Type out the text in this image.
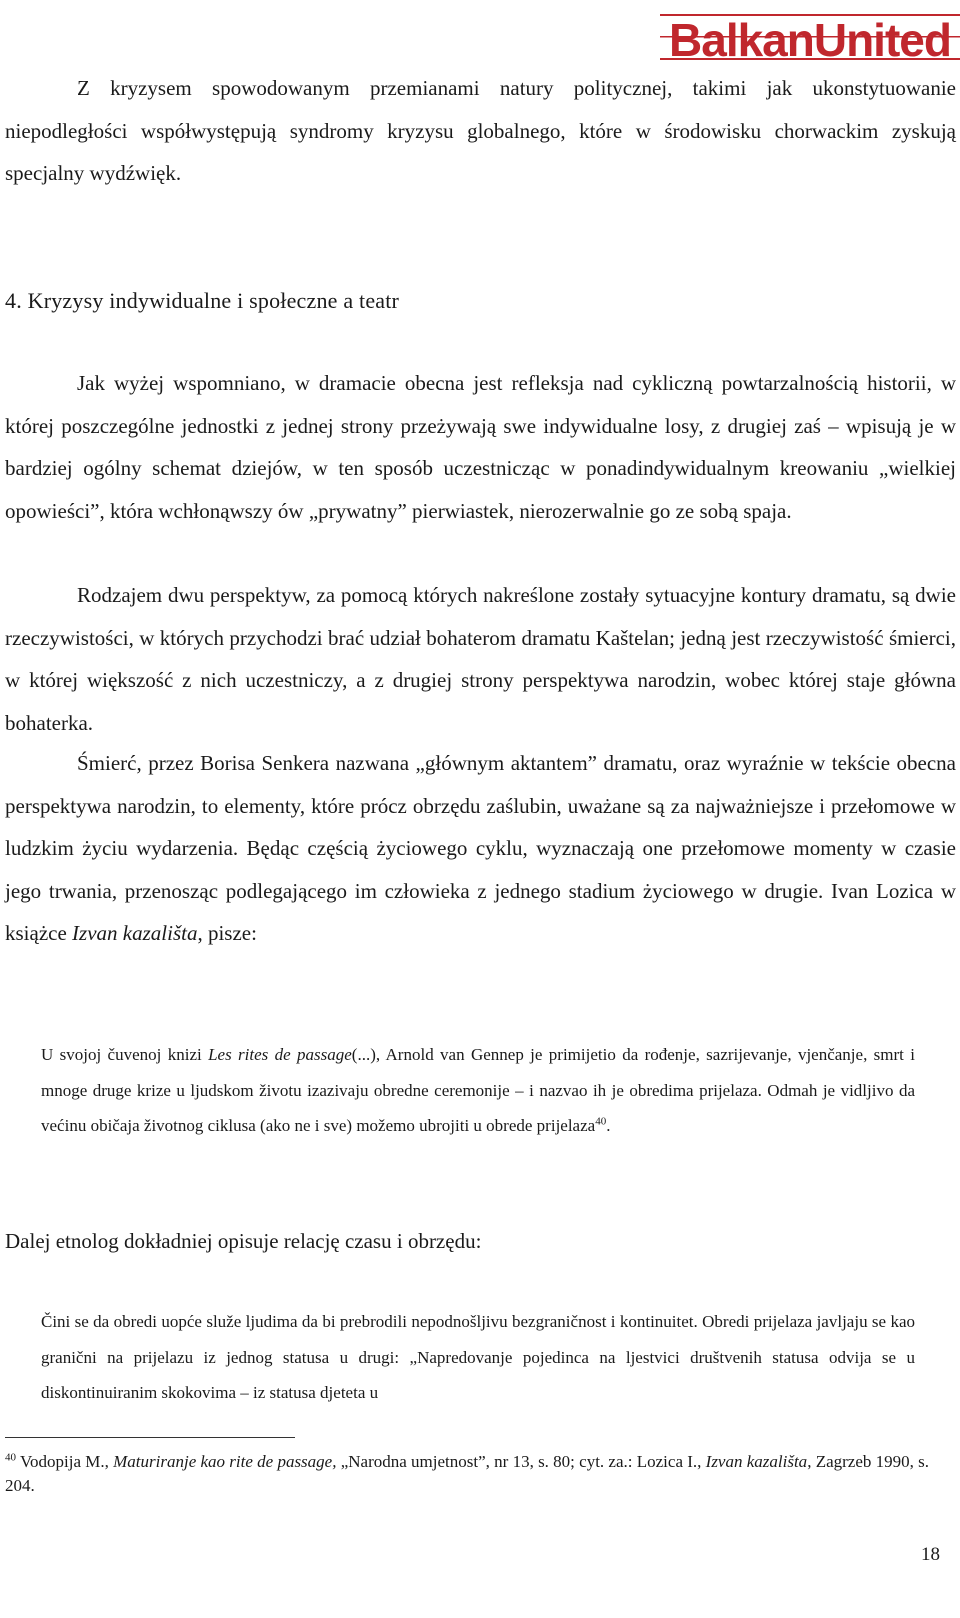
BalkanUnited

Z kryzysem spowodowanym przemianami natury politycznej, takimi jak ukonstytuowanie niepodległości współwystępują syndromy kryzysu globalnego, które w środowisku chorwackim zyskują specjalny wydźwięk.

4. Kryzysy indywidualne i społeczne a teatr

Jak wyżej wspomniano, w dramacie obecna jest refleksja nad cykliczną powtarzalnością historii, w której poszczególne jednostki z jednej strony przeżywają swe indywidualne losy, z drugiej zaś – wpisują je w bardziej ogólny schemat dziejów, w ten sposób uczestnicząc w ponadindywidualnym kreowaniu „wielkiej opowieści”, która wchłonąwszy ów „prywatny” pierwiastek, nierozerwalnie go ze sobą spaja.

Rodzajem dwu perspektyw, za pomocą których nakreślone zostały sytuacyjne kontury dramatu, są dwie rzeczywistości, w których przychodzi brać udział bohaterom dramatu Kaštelan; jedną jest rzeczywistość śmierci, w której większość z nich uczestniczy, a z drugiej strony perspektywa narodzin, wobec której staje główna bohaterka.

Śmierć, przez Borisa Senkera nazwana „głównym aktantem” dramatu, oraz wyraźnie w tekście obecna perspektywa narodzin, to elementy, które prócz obrzędu zaślubin, uważane są za najważniejsze i przełomowe w ludzkim życiu wydarzenia. Będąc częścią życiowego cyklu, wyznaczają one przełomowe momenty w czasie jego trwania, przenosząc podlegającego im człowieka z jednego stadium życiowego w drugie. Ivan Lozica w książce Izvan kazališta, pisze:

U svojoj čuvenoj knizi Les rites de passage(...), Arnold van Gennep je primijetio da rođenje, sazrijevanje, vjenčanje, smrt i mnoge druge krize u ljudskom životu izazivaju obredne ceremonije – i nazvao ih je obredima prijelaza. Odmah je vidljivo da većinu običaja životnog ciklusa (ako ne i sve) možemo ubrojiti u obrede prijelaza$^{40}$.

Dalej etnolog dokładniej opisuje relację czasu i obrzędu:

Čini se da obredi uopće služe ljudima da bi prebrodili nepodnošljivu bezgraničnost i kontinuitet. Obredi prijelaza javljaju se kao granični na prijelazu iz jednog statusa u drugi: „Napredovanje pojedinca na ljestvici društvenih statusa odvija se u diskontinuiranim skokovima – iz statusa djeteta u

$^{40}$ Vodopija M., Maturiranje kao rite de passage, „Narodna umjetnost”, nr 13, s. 80; cyt. za.: Lozica I., Izvan kazališta, Zagrzeb 1990, s. 204.

18
